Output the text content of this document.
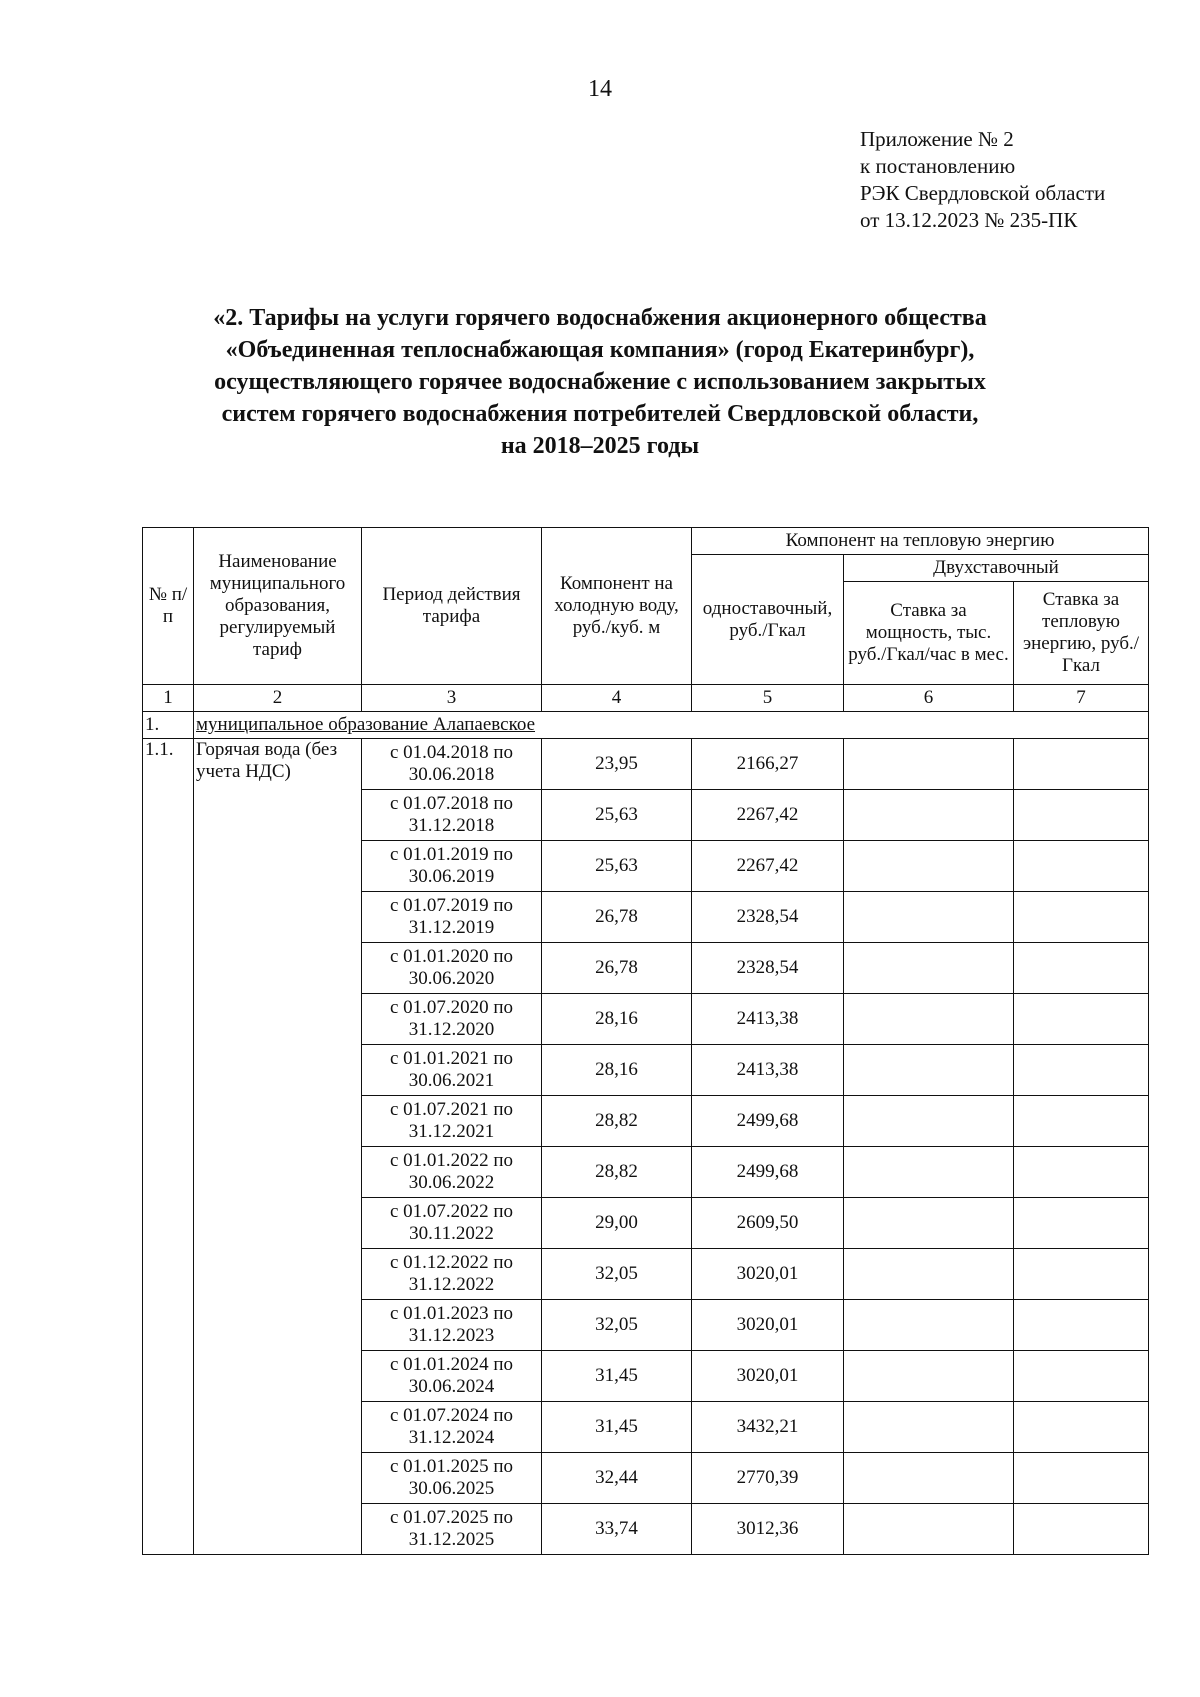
14
Приложение № 2
к постановлению
РЭК Свердловской области
от 13.12.2023 № 235-ПК
«2. Тарифы на услуги горячего водоснабжения акционерного общества
«Объединенная теплоснабжающая компания» (город Екатеринбург),
осуществляющего горячее водоснабжение с использованием закрытых
систем горячего водоснабжения потребителей Свердловской области,
на 2018–2025 годы
№ п/п	Наименование муниципального образования, регулируемый тариф	Период действия тарифа	Компонент на холодную воду, руб./куб. м	Компонент на тепловую энергию		
				одноставочный, руб./Гкал	Двухставочный	
					Ставка за мощность, тыс. руб./Гкал/час в мес.	Ставка за тепловую энергию, руб./Гкал
1	2	3	4	5	6	7
1.	муниципальное образование Алапаевское					
1.1.	Горячая вода (без учета НДС)	с 01.04.2018 по 30.06.2018	23,95	2166,27		
		с 01.07.2018 по 31.12.2018	25,63	2267,42		
		с 01.01.2019 по 30.06.2019	25,63	2267,42		
		с 01.07.2019 по 31.12.2019	26,78	2328,54		
		с 01.01.2020 по 30.06.2020	26,78	2328,54		
		с 01.07.2020 по 31.12.2020	28,16	2413,38		
		с 01.01.2021 по 30.06.2021	28,16	2413,38		
		с 01.07.2021 по 31.12.2021	28,82	2499,68		
		с 01.01.2022 по 30.06.2022	28,82	2499,68		
		с 01.07.2022 по 30.11.2022	29,00	2609,50		
		с 01.12.2022 по 31.12.2022	32,05	3020,01		
		с 01.01.2023 по 31.12.2023	32,05	3020,01		
		с 01.01.2024 по 30.06.2024	31,45	3020,01		
		с 01.07.2024 по 31.12.2024	31,45	3432,21		
		с 01.01.2025 по 30.06.2025	32,44	2770,39		
		с 01.07.2025 по 31.12.2025	33,74	3012,36		
